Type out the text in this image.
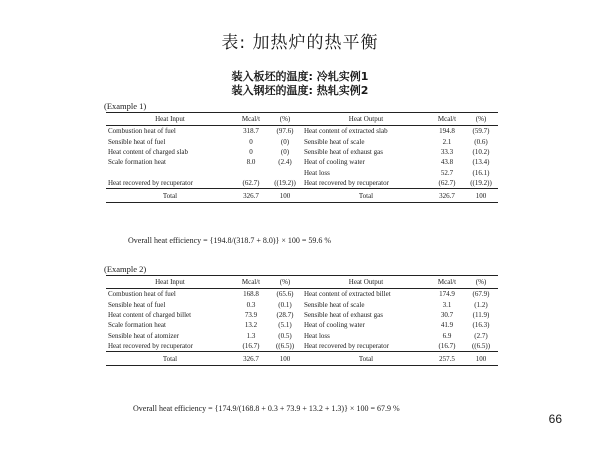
表: 加热炉的热平衡
装入板坯的温度: 冷轧实例1
装入钢坯的温度: 热轧实例2
(Example 1)
Heat Input	Mcal/t	(%)	Heat Output	Mcal/t	(%)
Combustion heat of fuel	318.7	(97.6)	Heat content of extracted slab	194.8	(59.7)
Sensible heat of fuel	0	(0)	Sensible heat of scale	2.1	(0.6)
Heat content of charged slab	0	(0)	Sensible heat of exhaust gas	33.3	(10.2)
Scale formation heat	8.0	(2.4)	Heat of cooling water	43.8	(13.4)
			Heat loss	52.7	(16.1)
Heat recovered by recuperator	(62.7)	((19.2))	Heat recovered by recuperator	(62.7)	((19.2))
Total	326.7	100	Total	326.7	100
Overall heat efficiency = {194.8/(318.7 + 8.0)} × 100 = 59.6 %
(Example 2)
Heat Input	Mcal/t	(%)	Heat Output	Mcal/t	(%)
Combustion heat of fuel	168.8	(65.6)	Heat content of extracted billet	174.9	(67.9)
Sensible heat of fuel	0.3	(0.1)	Sensible heat of scale	3.1	(1.2)
Heat content of charged billet	73.9	(28.7)	Sensible heat of exhaust gas	30.7	(11.9)
Scale formation heat	13.2	(5.1)	Heat of cooling water	41.9	(16.3)
Sensible heat of atomizer	1.3	(0.5)	Heat loss	6.9	(2.7)
Heat recovered by recuperator	(16.7)	((6.5))	Heat recovered by recuperator	(16.7)	((6.5))
Total	326.7	100	Total	257.5	100
Overall heat efficiency = {174.9/(168.8 + 0.3 + 73.9 + 13.2 + 1.3)} × 100 = 67.9 %
66
